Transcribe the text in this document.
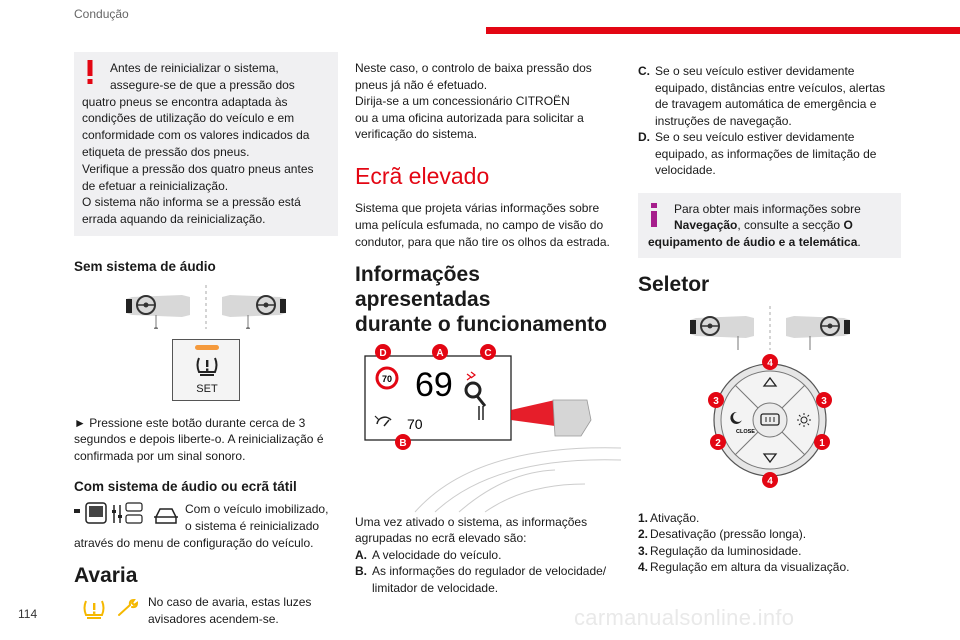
Condução
Antes de reinicializar o sistema,
assegure-se de que a pressão dos
quatro pneus se encontra adaptada às
condições de utilização do veículo e em
conformidade com os valores indicados da
etiqueta de pressão dos pneus.
Verifique a pressão dos quatro pneus antes
de efetuar a reinicialização.
O sistema não informa se a pressão está
errada aquando da reinicialização.
Sem sistema de áudio
SET
► Pressione este botão durante cerca de 3
segundos e depois liberte-o. A reinicialização é
confirmada por um sinal sonoro.
Com sistema de áudio ou ecrã tátil
Com o veículo imobilizado,
o sistema é reinicializado
através do menu de configuração do veículo.
Avaria
No caso de avaria, estas luzes
avisadores acendem-se.
Neste caso, o controlo de baixa pressão dos
pneus já não é efetuado.
Dirija-se a um concessionário CITROËN
ou a uma oficina autorizada para solicitar a
verificação do sistema.
Ecrã elevado
Sistema que projeta várias informações sobre
uma película esfumada, no campo de visão do
condutor, para que não tire os olhos da estrada.
Informações apresentadas
durante o funcionamento
70 69
70
D	A	C
B
Uma vez ativado o sistema, as informações
agrupadas no ecrã elevado são:
A. A velocidade do veículo.
B. As informações do regulador de velocidade/
limitador de velocidade.
C. Se o seu veículo estiver devidamente
equipado, distâncias entre veículos, alertas
de travagem automática de emergência e
instruções de navegação.
D. Se o seu veículo estiver devidamente
equipado, as informações de limitação de
velocidade.
Para obter mais informações sobre
Navegação, consulte a secção O
equipamento de áudio e a telemática.
Seletor
CLOSE
4
3	3
2	1
4
1. Ativação.
2. Desativação (pressão longa).
3. Regulação da luminosidade.
4. Regulação em altura da visualização.
114	carmanualsonline.info
